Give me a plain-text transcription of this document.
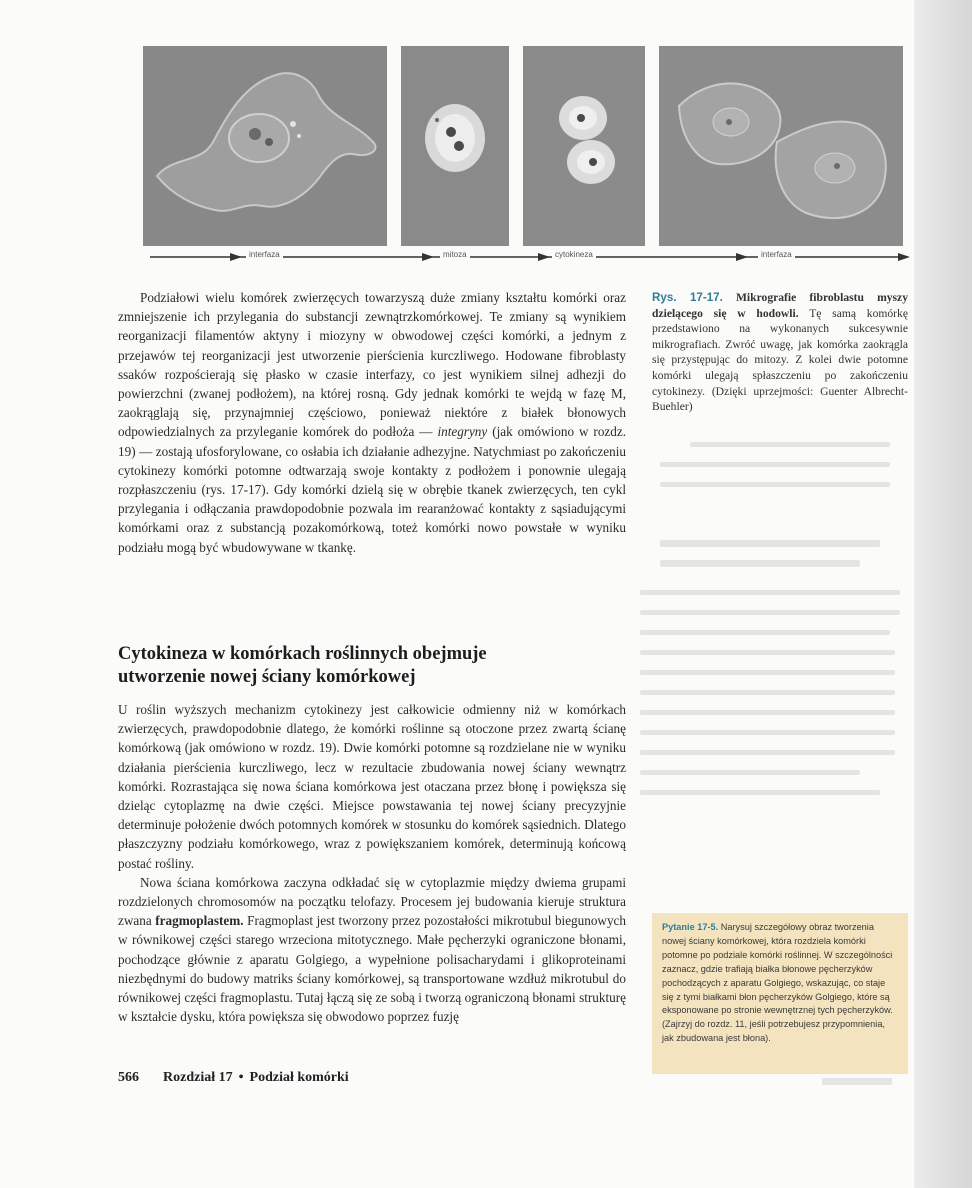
interfaza	mitoza	cytokineza	interfaza

Podziałowi wielu komórek zwierzęcych towarzyszą duże zmiany kształtu komórki oraz zmniejszenie ich przylegania do substancji zewnątrzkomórkowej. Te zmiany są wynikiem reorganizacji filamentów aktyny i miozyny w obwodowej części komórki, a jednym z przejawów tej reorganizacji jest utworzenie pierścienia kurczliwego. Hodowane fibroblasty ssaków rozpościerają się płasko w czasie interfazy, co jest wynikiem silnej adhezji do powierzchni (zwanej podłożem), na której rosną. Gdy jednak komórki te wejdą w fazę M, zaokrąglają się, przynajmniej częściowo, ponieważ niektóre z białek błonowych odpowiedzialnych za przyleganie komórek do podłoża — integryny (jak omówiono w rozdz. 19) — zostają ufosforylowane, co osłabia ich działanie adhezyjne. Natychmiast po zakończeniu cytokinezy komórki potomne odtwarzają swoje kontakty z podłożem i ponownie ulegają rozpłaszczeniu (rys. 17-17). Gdy komórki dzielą się w obrębie tkanek zwierzęcych, ten cykl przylegania i odłączania prawdopodobnie pozwala im rearanżować kontakty z sąsiadującymi komórkami oraz z substancją pozakomórkową, toteż komórki nowo powstałe w wyniku podziału mogą być wbudowywane w tkankę.

Rys. 17-17. Mikrografie fibroblastu myszy dzielącego się w hodowli. Tę samą komórkę przedstawiono na wykonanych sukcesywnie mikrografiach. Zwróć uwagę, jak komórka zaokrągla się przystępując do mitozy. Z kolei dwie potomne komórki ulegają spłaszczeniu po zakończeniu cytokinezy. (Dzięki uprzejmości: Guenter Albrecht-Buehler)
Cytokineza w komórkach roślinnych obejmuje
utworzenie nowej ściany komórkowej

U roślin wyższych mechanizm cytokinezy jest całkowicie odmienny niż w komórkach zwierzęcych, prawdopodobnie dlatego, że komórki roślinne są otoczone przez zwartą ścianę komórkową (jak omówiono w rozdz. 19). Dwie komórki potomne są rozdzielane nie w wyniku działania pierścienia kurczliwego, lecz w rezultacie zbudowania nowej ściany wewnątrz komórki. Rozrastająca się nowa ściana komórkowa jest otaczana przez błonę i powiększa się dzieląc cytoplazmę na dwie części. Miejsce powstawania tej nowej ściany precyzyjnie determinuje położenie dwóch potomnych komórek w stosunku do komórek sąsiednich. Dlatego płaszczyzny podziału komórkowego, wraz z powiększaniem komórek, determinują końcową postać rośliny.

Nowa ściana komórkowa zaczyna odkładać się w cytoplazmie między dwiema grupami rozdzielonych chromosomów na początku telofazy. Procesem jej budowania kieruje struktura zwana fragmoplastem. Fragmoplast jest tworzony przez pozostałości mikrotubul biegunowych w równikowej części starego wrzeciona mitotycznego. Małe pęcherzyki ograniczone błonami, pochodzące głównie z aparatu Golgiego, a wypełnione polisacharydami i glikoproteinami niezbędnymi do budowy matriks ściany komórkowej, są transportowane wzdłuż mikrotubul do równikowej części fragmoplastu. Tutaj łączą się ze sobą i tworzą ograniczoną błonami strukturę w kształcie dysku, która powiększa się obwodowo poprzez fuzję

Pytanie 17-5. Narysuj szczegółowy obraz tworzenia nowej ściany komórkowej, która rozdziela komórki potomne po podziale komórki roślinnej. W szczególności zaznacz, gdzie trafiają białka błonowe pęcherzyków pochodzących z aparatu Golgiego, wskazując, co staje się z tymi białkami błon pęcherzyków Golgiego, które są eksponowane po stronie wewnętrznej tych pęcherzyków. (Zajrzyj do rozdz. 11, jeśli potrzebujesz przypomnienia, jak zbudowana jest błona).
566 Rozdział 17 • Podział komórki
